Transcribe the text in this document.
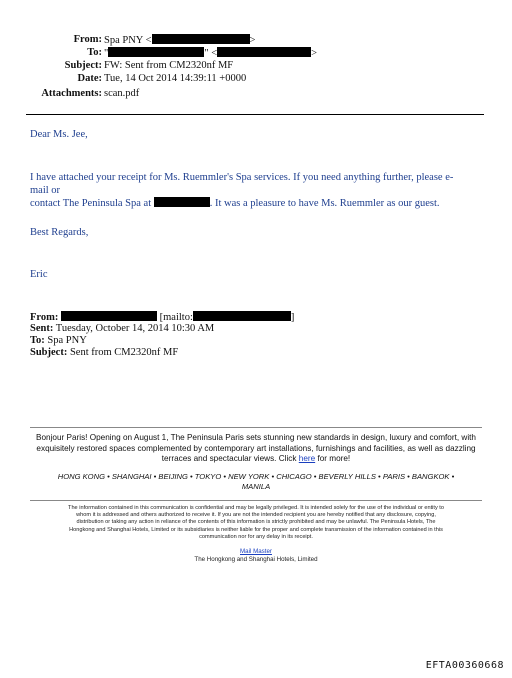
From: Spa PNY <	>
To: "	" <	>
Subject: FW: Sent from CM2320nf MF
Date: Tue, 14 Oct 2014 14:39:11 +0000
Attachments: scan.pdf
Dear Ms. Jee,
I have attached your receipt for Ms. Ruemmler's Spa services. If you need anything further, please e-mail or
contact The Peninsula Spa at	. It was a pleasure to have Ms. Ruemmler as our guest.
Best Regards,
Eric
From:	[mailto:	]
Sent: Tuesday, October 14, 2014 10:30 AM
To: Spa PNY
Subject: Sent from CM2320nf MF
Bonjour Paris! Opening on August 1, The Peninsula Paris sets stunning new standards in design, luxury and comfort, with
exquisitely restored spaces complemented by contemporary art installations, furnishings and facilities, as well as dazzling
terraces and spectacular views. Click here for more!
HONG KONG • SHANGHAI • BEIJING • TOKYO • NEW YORK • CHICAGO • BEVERLY HILLS • PARIS • BANGKOK •
MANILA
The information contained in this communication is confidential and may be legally privileged. It is intended solely for the use of the individual or entity to
whom it is addressed and others authorized to receive it. If you are not the intended recipient you are hereby notified that any disclosure, copying,
distribution or taking any action in reliance of the contents of this information is strictly prohibited and may be unlawful. The Peninsula Hotels, The
Hongkong and Shanghai Hotels, Limited or its subsidiaries is neither liable for the proper and complete transmission of the information contained in this
communication nor for any delay in its receipt.
Mail Master
The Hongkong and Shanghai Hotels, Limited
EFTA00360668
